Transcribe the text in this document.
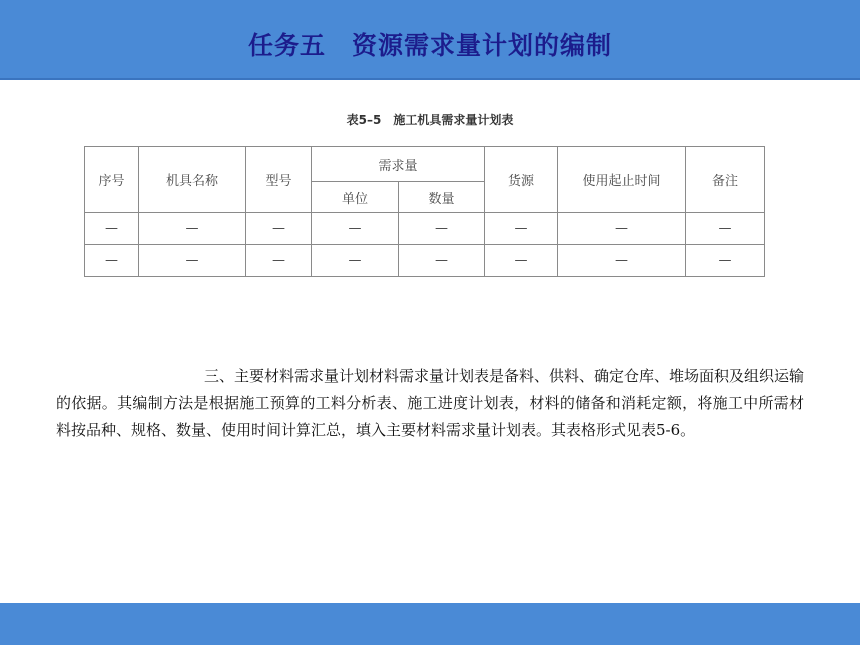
任务五　资源需求量计划的编制
表5–5　施工机具需求量计划表
序号	机具名称	型号	需求量		货源	使用起止时间	备注
			单位	数量			
—	—	—	—	—	—	—	—
—	—	—	—	—	—	—	—
三、主要材料需求量计划材料需求量计划表是备料、供料、确定仓库、堆场面积及组织运输的依据。其编制方法是根据施工预算的工料分析表、施工进度计划表，材料的储备和消耗定额，将施工中所需材料按品种、规格、数量、使用时间计算汇总，填入主要材料需求量计划表。其表格形式见表5-6。
